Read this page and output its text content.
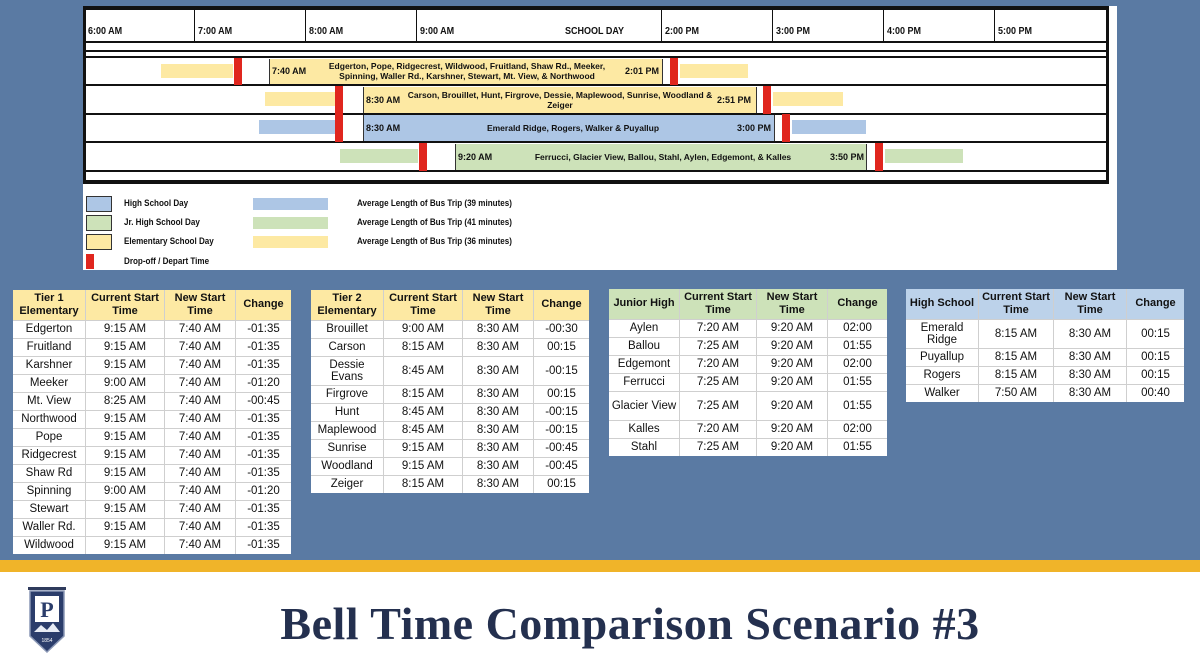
6:00 AM	7:00 AM	8:00 AM	9:00 AM	SCHOOL DAY	2:00 PM	3:00 PM	4:00 PM	5:00 PM
7:40 AM	Edgerton, Pope, Ridgecrest, Wildwood, Fruitland, Shaw Rd., Meeker, Spinning, Waller Rd., Karshner, Stewart, Mt. View, & Northwood	2:01 PM
8:30 AM Carson, Brouillet, Hunt, Firgrove, Dessie, Maplewood, Sunrise, Woodland & Zeiger	2:51 PM
8:30 AM	Emerald Ridge, Rogers, Walker & Puyallup	3:00 PM
9:20 AM	Ferrucci, Glacier View, Ballou, Stahl, Aylen, Edgemont, & Kalles	3:50 PM
High School Day
Jr. High School Day
Elementary School Day
Drop-off / Depart Time
Average Length of Bus Trip (39 minutes)
Average Length of Bus Trip (41 minutes)
Average Length of Bus Trip (36 minutes)
Tier 1 Elementary	Current Start Time	New Start Time	Change
Edgerton	9:15 AM	7:40 AM	-01:35
Fruitland	9:15 AM	7:40 AM	-01:35
Karshner	9:15 AM	7:40 AM	-01:35
Meeker	9:00 AM	7:40 AM	-01:20
Mt. View	8:25 AM	7:40 AM	-00:45
Northwood	9:15 AM	7:40 AM	-01:35
Pope	9:15 AM	7:40 AM	-01:35
Ridgecrest	9:15 AM	7:40 AM	-01:35
Shaw Rd	9:15 AM	7:40 AM	-01:35
Spinning	9:00 AM	7:40 AM	-01:20
Stewart	9:15 AM	7:40 AM	-01:35
Waller Rd.	9:15 AM	7:40 AM	-01:35
Wildwood	9:15 AM	7:40 AM	-01:35
Tier 2 Elementary	Current Start Time	New Start Time	Change
Brouillet	9:00 AM	8:30 AM	-00:30
Carson	8:15 AM	8:30 AM	00:15
Dessie Evans	8:45 AM	8:30 AM	-00:15
Firgrove	8:15 AM	8:30 AM	00:15
Hunt	8:45 AM	8:30 AM	-00:15
Maplewood	8:45 AM	8:30 AM	-00:15
Sunrise	9:15 AM	8:30 AM	-00:45
Woodland	9:15 AM	8:30 AM	-00:45
Zeiger	8:15 AM	8:30 AM	00:15
Junior High	Current Start Time	New Start Time	Change
Aylen	7:20 AM	9:20 AM	02:00
Ballou	7:25 AM	9:20 AM	01:55
Edgemont	7:20 AM	9:20 AM	02:00
Ferrucci	7:25 AM	9:20 AM	01:55
Glacier View	7:25 AM	9:20 AM	01:55
Kalles	7:20 AM	9:20 AM	02:00
Stahl	7:25 AM	9:20 AM	01:55
High School	Current Start Time	New Start Time	Change
Emerald Ridge	8:15 AM	8:30 AM	00:15
Puyallup	8:15 AM	8:30 AM	00:15
Rogers	8:15 AM	8:30 AM	00:15
Walker	7:50 AM	8:30 AM	00:40
P
1854	Bell Time Comparison Scenario #3
